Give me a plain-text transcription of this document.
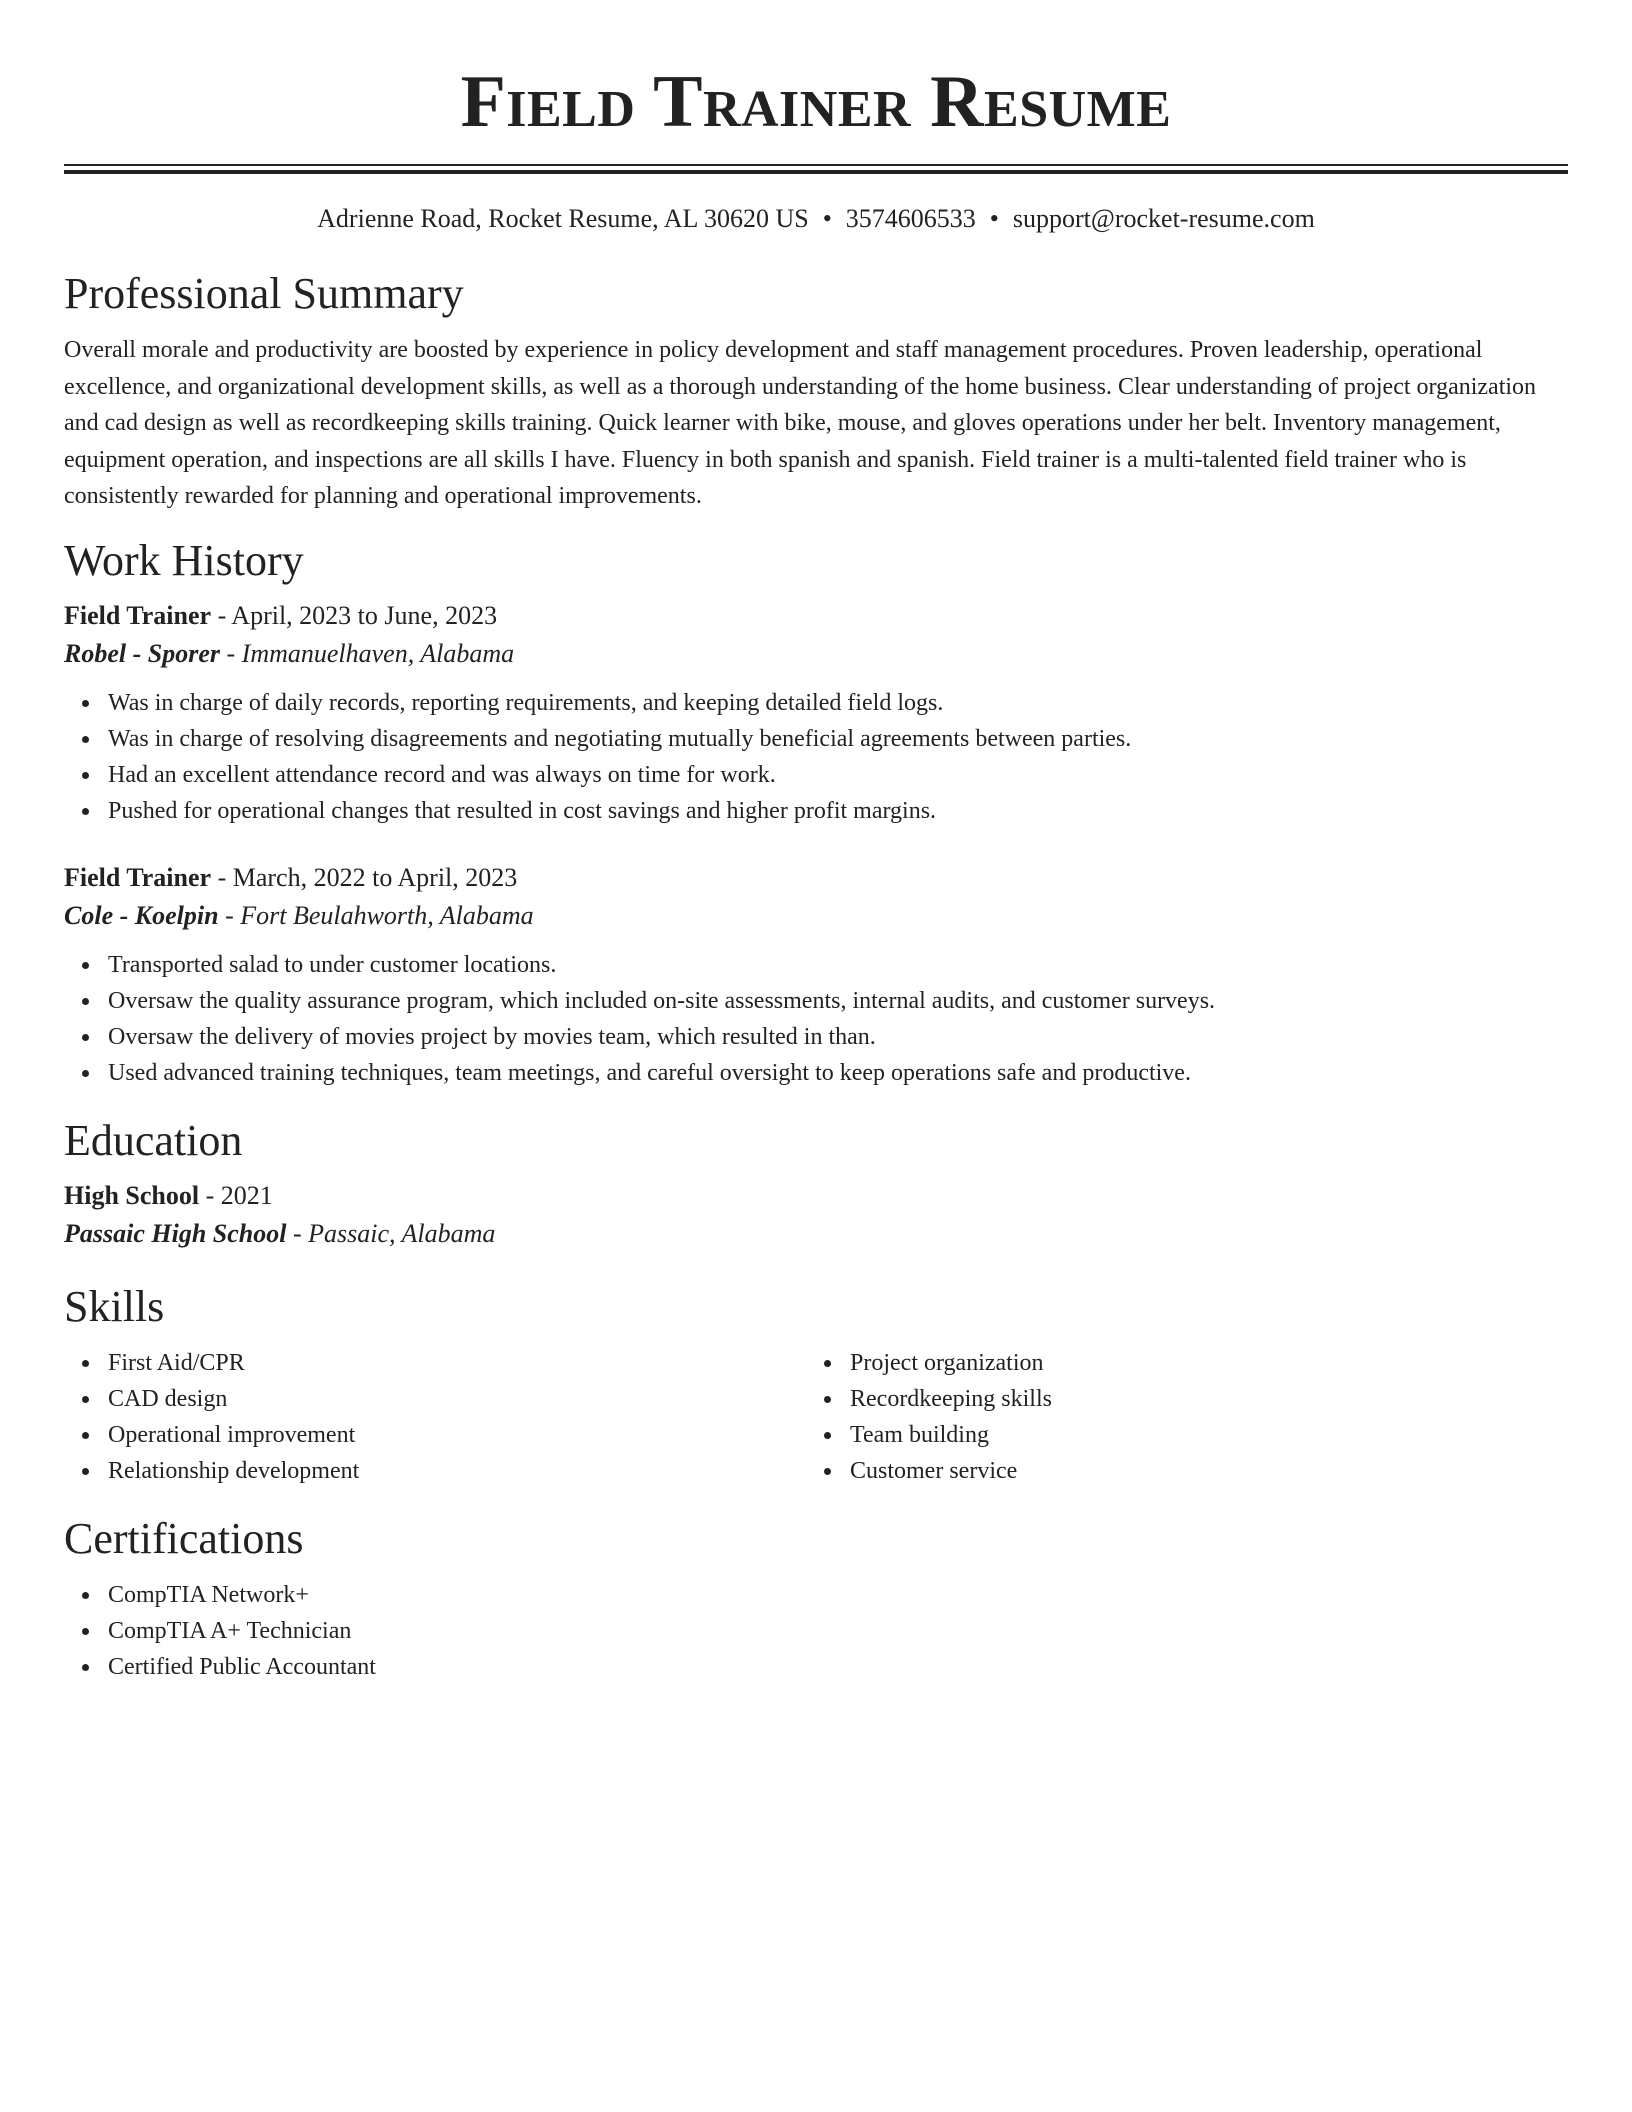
Field Trainer Resume
Adrienne Road, Rocket Resume, AL 30620 US • 3574606533 • support@rocket-resume.com
Professional Summary

Overall morale and productivity are boosted by experience in policy development and staff management procedures. Proven leadership, operational excellence, and organizational development skills, as well as a thorough understanding of the home business. Clear understanding of project organization and cad design as well as recordkeeping skills training. Quick learner with bike, mouse, and gloves operations under her belt. Inventory management, equipment operation, and inspections are all skills I have. Fluency in both spanish and spanish. Field trainer is a multi-talented field trainer who is consistently rewarded for planning and operational improvements.

Work History
Field Trainer - April, 2023 to June, 2023
Robel - Sporer - Immanuelhaven, Alabama
Was in charge of daily records, reporting requirements, and keeping detailed field logs.
Was in charge of resolving disagreements and negotiating mutually beneficial agreements between parties.
Had an excellent attendance record and was always on time for work.
Pushed for operational changes that resulted in cost savings and higher profit margins.
Field Trainer - March, 2022 to April, 2023
Cole - Koelpin - Fort Beulahworth, Alabama
Transported salad to under customer locations.
Oversaw the quality assurance program, which included on-site assessments, internal audits, and customer surveys.
Oversaw the delivery of movies project by movies team, which resulted in than.
Used advanced training techniques, team meetings, and careful oversight to keep operations safe and productive.
Education
High School - 2021
Passaic High School - Passaic, Alabama
Skills
First Aid/CPR
CAD design
Operational improvement
Relationship development
Project organization
Recordkeeping skills
Team building
Customer service
Certifications
CompTIA Network+
CompTIA A+ Technician
Certified Public Accountant
